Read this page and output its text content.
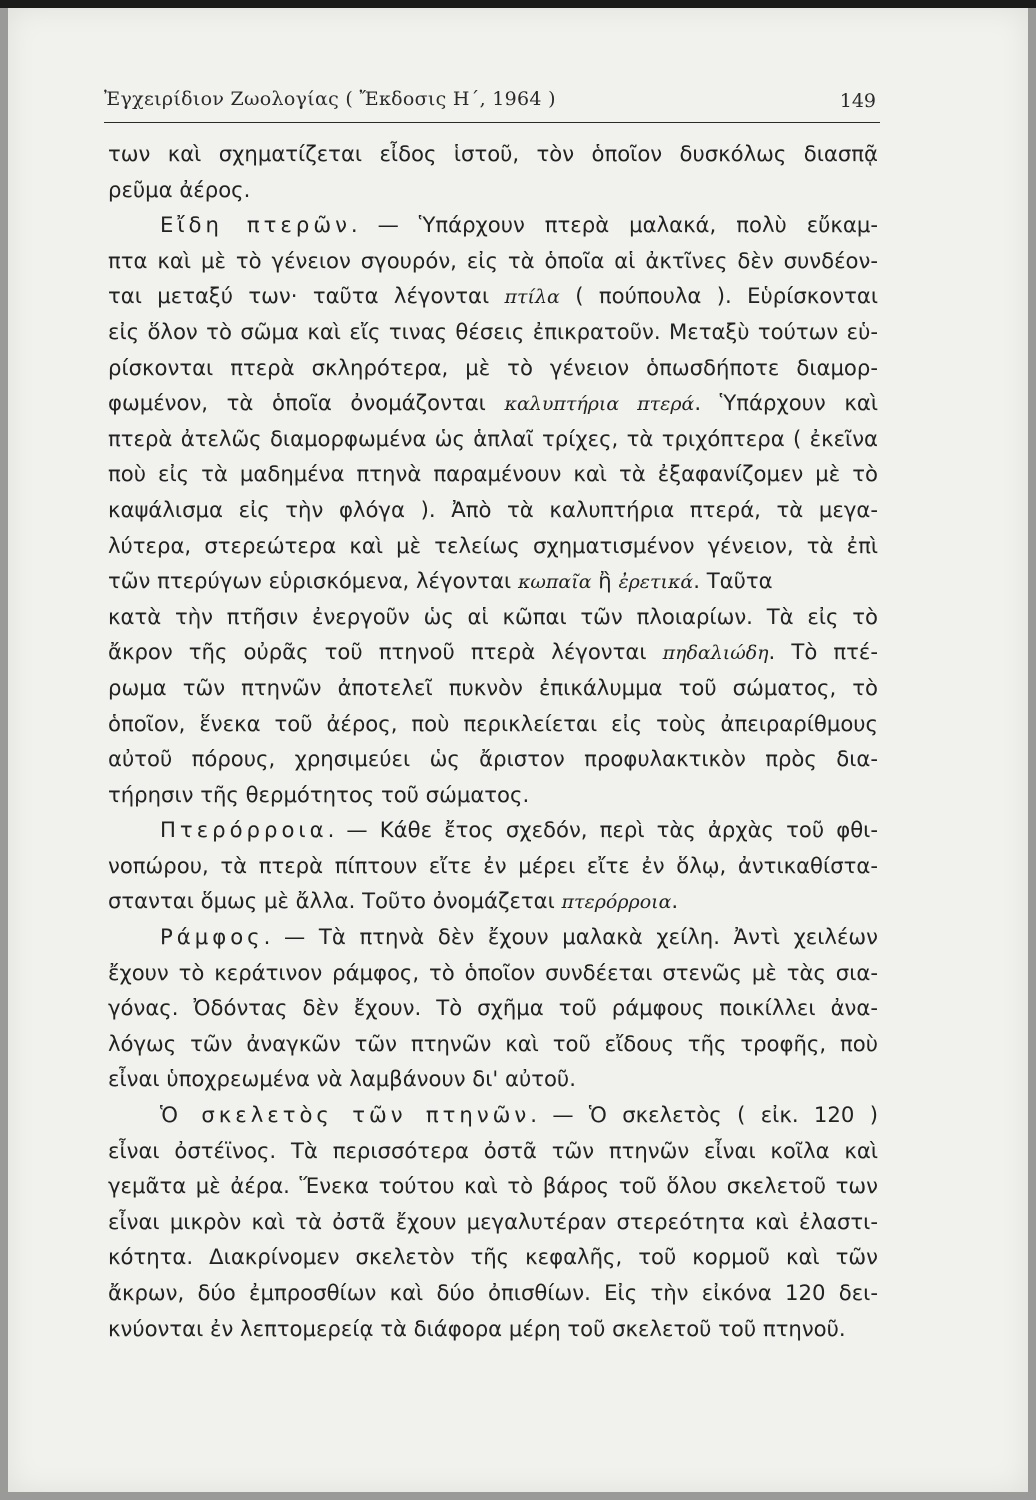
Ἐγχειρίδιον Ζωολογίας ( Ἔκδοσις Η΄, 1964 )	149
των καὶ σχηματίζεται εἶδος ἱστοῦ, τὸν ὁποῖον δυσκόλως διασπᾷ
ρεῦμα ἀέρος.
Εἴδη πτερῶν. — Ὑπάρχουν πτερὰ μαλακά, πολὺ εὔκαμ-
πτα καὶ μὲ τὸ γένειον σγουρόν, εἰς τὰ ὁποῖα αἱ ἀκτῖνες δὲν συνδέον-
ται μεταξύ των· ταῦτα λέγονται πτίλα ( πούπουλα ). Εὑρίσκονται
εἰς ὅλον τὸ σῶμα καὶ εἴς τινας θέσεις ἐπικρατοῦν. Μεταξὺ τούτων εὑ-
ρίσκονται πτερὰ σκληρότερα, μὲ τὸ γένειον ὁπωσδήποτε διαμορ-
φωμένον, τὰ ὁποῖα ὀνομάζονται καλυπτήρια πτερά. Ὑπάρχουν καὶ
πτερὰ ἀτελῶς διαμορφωμένα ὡς ἁπλαῖ τρίχες, τὰ τριχόπτερα ( ἐκεῖνα
ποὺ εἰς τὰ μαδημένα πτηνὰ παραμένουν καὶ τὰ ἐξαφανίζομεν μὲ τὸ
καψάλισμα εἰς τὴν φλόγα ). Ἀπὸ τὰ καλυπτήρια πτερά, τὰ μεγα-
λύτερα, στερεώτερα καὶ μὲ τελείως σχηματισμένον γένειον, τὰ ἐπὶ
τῶν πτερύγων εὑρισκόμενα, λέγονται κωπαῖα ἢ ἐρετικά. Ταῦτα
κατὰ τὴν πτῆσιν ἐνεργοῦν ὡς αἱ κῶπαι τῶν πλοιαρίων. Τὰ εἰς τὸ
ἄκρον τῆς οὐρᾶς τοῦ πτηνοῦ πτερὰ λέγονται πηδαλιώδη. Τὸ πτέ-
ρωμα τῶν πτηνῶν ἀποτελεῖ πυκνὸν ἐπικάλυμμα τοῦ σώματος, τὸ
ὁποῖον, ἕνεκα τοῦ ἀέρος, ποὺ περικλείεται εἰς τοὺς ἀπειραρίθμους
αὐτοῦ πόρους, χρησιμεύει ὡς ἄριστον προφυλακτικὸν πρὸς δια-
τήρησιν τῆς θερμότητος τοῦ σώματος.
Πτερόρροια. — Κάθε ἔτος σχεδόν, περὶ τὰς ἀρχὰς τοῦ φθι-
νοπώρου, τὰ πτερὰ πίπτουν εἴτε ἐν μέρει εἴτε ἐν ὅλῳ, ἀντικαθίστα-
στανται ὅμως μὲ ἄλλα. Τοῦτο ὀνομάζεται πτερόρροια.
Ράμφος. — Τὰ πτηνὰ δὲν ἔχουν μαλακὰ χείλη. Ἀντὶ χειλέων
ἔχουν τὸ κεράτινον ράμφος, τὸ ὁποῖον συνδέεται στενῶς μὲ τὰς σια-
γόνας. Ὀδόντας δὲν ἔχουν. Τὸ σχῆμα τοῦ ράμφους ποικίλλει ἀνα-
λόγως τῶν ἀναγκῶν τῶν πτηνῶν καὶ τοῦ εἴδους τῆς τροφῆς, ποὺ
εἶναι ὑποχρεωμένα νὰ λαμβάνουν δι' αὐτοῦ.
Ὁ σκελετὸς τῶν πτηνῶν. — Ὁ σκελετὸς ( εἰκ. 120 )
εἶναι ὀστέϊνος. Τὰ περισσότερα ὀστᾶ τῶν πτηνῶν εἶναι κοῖλα καὶ
γεμᾶτα μὲ ἀέρα. Ἕνεκα τούτου καὶ τὸ βάρος τοῦ ὅλου σκελετοῦ των
εἶναι μικρὸν καὶ τὰ ὀστᾶ ἔχουν μεγαλυτέραν στερεότητα καὶ ἐλαστι-
κότητα. Διακρίνομεν σκελετὸν τῆς κεφαλῆς, τοῦ κορμοῦ καὶ τῶν
ἄκρων, δύο ἐμπροσθίων καὶ δύο ὀπισθίων. Εἰς τὴν εἰκόνα 120 δει-
κνύονται ἐν λεπτομερείᾳ τὰ διάφορα μέρη τοῦ σκελετοῦ τοῦ πτηνοῦ.
